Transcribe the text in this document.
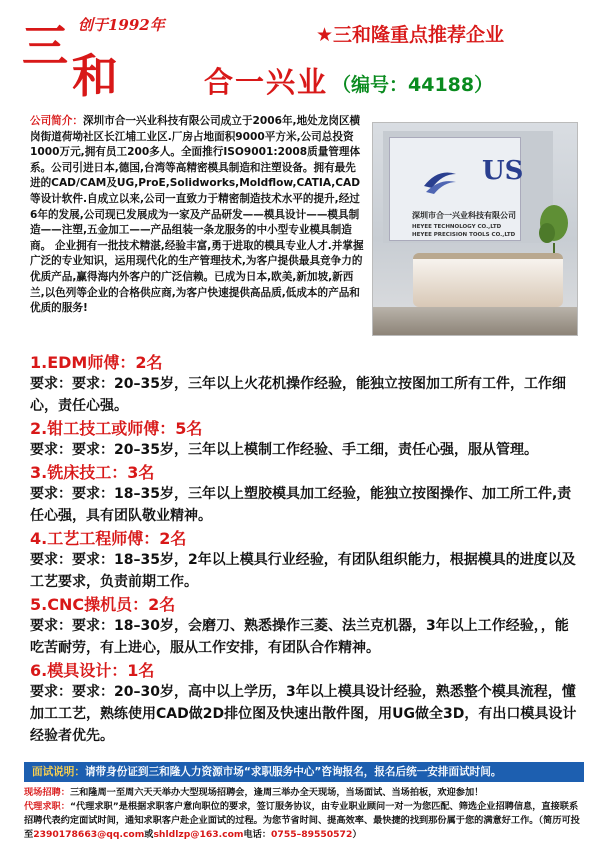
三 创于1992年
和
★三和隆重点推荐企业
合一兴业 （编号：44188）
US
深圳市合一兴业科技有限公司
HEYEE TECHNOLOGY CO.,LTD
HEYEE PRECISION TOOLS CO.,LTD
公司简介：深圳市合一兴业科技有限公司成立于2006年,地处龙岗区横岗街道荷坳社区长江埔工业区.厂房占地面积9000平方米,公司总投资1000万元,拥有员工200多人。全面推行ISO9001:2008质量管理体系。公司引进日本,德国,台湾等高精密模具制造和注塑设备。拥有最先进的CAD/CAM及UG,ProE,Solidworks,Moldflow,CATIA,CAD等设计软件.自成立以来,公司一直致力于精密制造技术水平的提升,经过6年的发展,公司现已发展成为一家及产品研发——模具设计——模具制造——注塑,五金加工——产品组装一条龙服务的中小型专业模具制造商。 企业拥有一批技术精湛,经验丰富,勇于进取的模具专业人才.并掌握广泛的专业知识，运用现代化的生产管理技术,为客户提供最具竞争力的优质产品,赢得海内外客户的广泛信赖。已成为日本,欧美,新加坡,新西兰,以色列等企业的合格供应商,为客户快速提供高品质,低成本的产品和优质的服务!
1.EDM师傅：2名
要求：要求：20–35岁，三年以上火花机操作经验，能独立按图加工所有工件，工作细心，责任心强。
2.钳工技工或师傅：5名
要求：要求：20–35岁，三年以上模制工作经验、手工细，责任心强，服从管理。
3.铣床技工：3名
要求：要求：18–35岁，三年以上塑胶模具加工经验，能独立按图操作、加工所工件,责任心强，具有团队敬业精神。
4.工艺工程师傅：2名
要求：要求：18–35岁，2年以上模具行业经验，有团队组织能力，根据模具的进度以及工艺要求，负责前期工作。
5.CNC操机员：2名
要求：要求：18–30岁，会磨刀、熟悉操作三菱、法兰克机器，3年以上工作经验，，能吃苦耐劳，有上进心，服从工作安排，有团队合作精神。
6.模具设计：1名
要求：要求：20–30岁，高中以上学历，3年以上模具设计经验，熟悉整个模具流程，懂加工工艺，熟练使用CAD做2D排位图及快速出散件图，用UG做全3D，有出口模具设计经验者优先。
面试说明：请带身份证到三和隆人力资源市场“求职服务中心”咨询报名，报名后统一安排面试时间。
现场招聘：三和隆周一至周六天天举办大型现场招聘会，逢周三举办全天现场，当场面试、当场拍板，欢迎参加！
代理求职：“代理求职”是根据求职客户意向职位的要求，签订服务协议，由专业职业顾问一对一为您匹配、筛选企业招聘信息，直接联系招聘代表约定面试时间，通知求职客户赴企业面试的过程。为您节省时间、提高效率、最快捷的找到那份属于您的满意好工作。（简历可投至2390178663@qq.com或shldlzp@163.com电话：0755–89550572）
